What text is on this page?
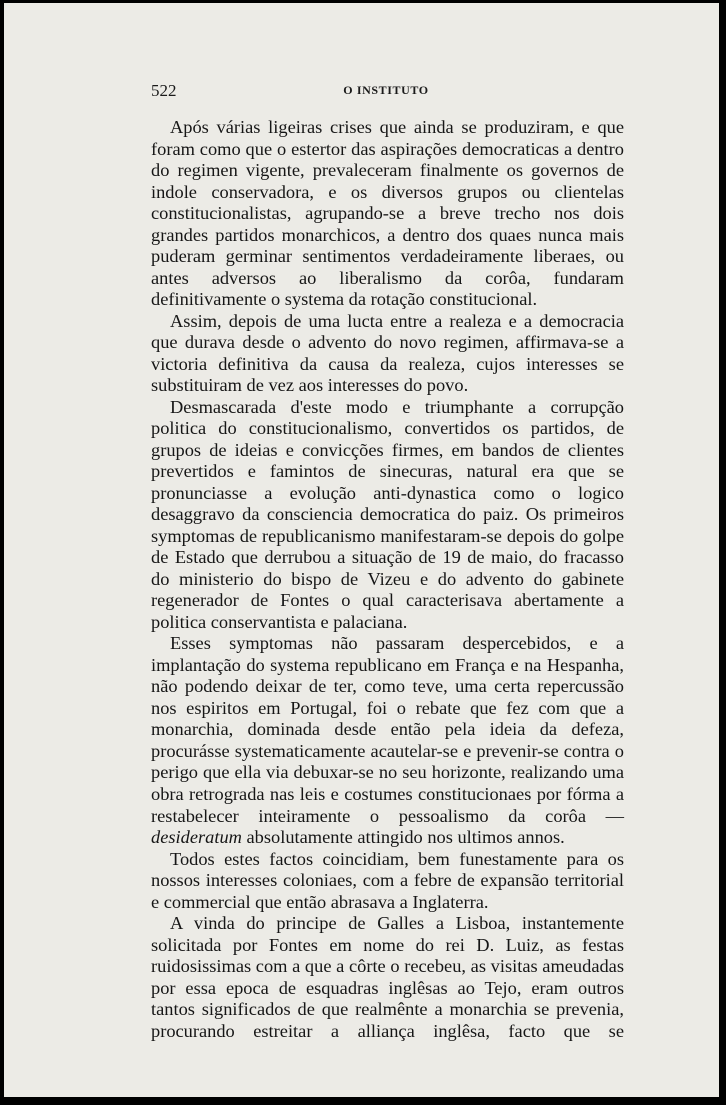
522	O INSTITUTO

Após várias ligeiras crises que ainda se produziram, e que foram como que o estertor das aspirações democraticas a dentro do regimen vigente, prevaleceram finalmente os governos de indole conservadora, e os diversos grupos ou clientelas constitucionalistas, agrupando-se a breve trecho nos dois grandes partidos monarchicos, a dentro dos quaes nunca mais puderam germinar sentimentos verdadeiramente liberaes, ou antes adversos ao liberalismo da corôa, fundaram definitivamente o systema da rotação constitucional.

Assim, depois de uma lucta entre a realeza e a democracia que durava desde o advento do novo regimen, affirmava-se a victoria definitiva da causa da realeza, cujos interesses se substituiram de vez aos interesses do povo.

Desmascarada d'este modo e triumphante a corrupção politica do constitucionalismo, convertidos os partidos, de grupos de ideias e convicções firmes, em bandos de clientes prevertidos e famintos de sinecuras, natural era que se pronunciasse a evolução anti-dynastica como o logico desaggravo da consciencia democratica do paiz. Os primeiros symptomas de republicanismo manifestaram-se depois do golpe de Estado que derrubou a situação de 19 de maio, do fracasso do ministerio do bispo de Vizeu e do advento do gabinete regenerador de Fontes o qual caracterisava abertamente a politica conservantista e palaciana.

Esses symptomas não passaram despercebidos, e a implantação do systema republicano em França e na Hespanha, não podendo deixar de ter, como teve, uma certa repercussão nos espiritos em Portugal, foi o rebate que fez com que a monarchia, dominada desde então pela ideia da defeza, procurásse systematicamente acautelar-se e prevenir-se contra o perigo que ella via debuxar-se no seu horizonte, realizando uma obra retrograda nas leis e costumes constitucionaes por fórma a restabelecer inteiramente o pessoalismo da corôa — desideratum absolutamente attingido nos ultimos annos.

Todos estes factos coincidiam, bem funestamente para os nossos interesses coloniaes, com a febre de expansão territorial e commercial que então abrasava a Inglaterra.

A vinda do principe de Galles a Lisboa, instantemente solicitada por Fontes em nome do rei D. Luiz, as festas ruidosissimas com a que a côrte o recebeu, as visitas ameudadas por essa epoca de esquadras inglêsas ao Tejo, eram outros tantos significados de que realmênte a monarchia se prevenia, procurando estreitar a alliança inglêsa, facto que se
